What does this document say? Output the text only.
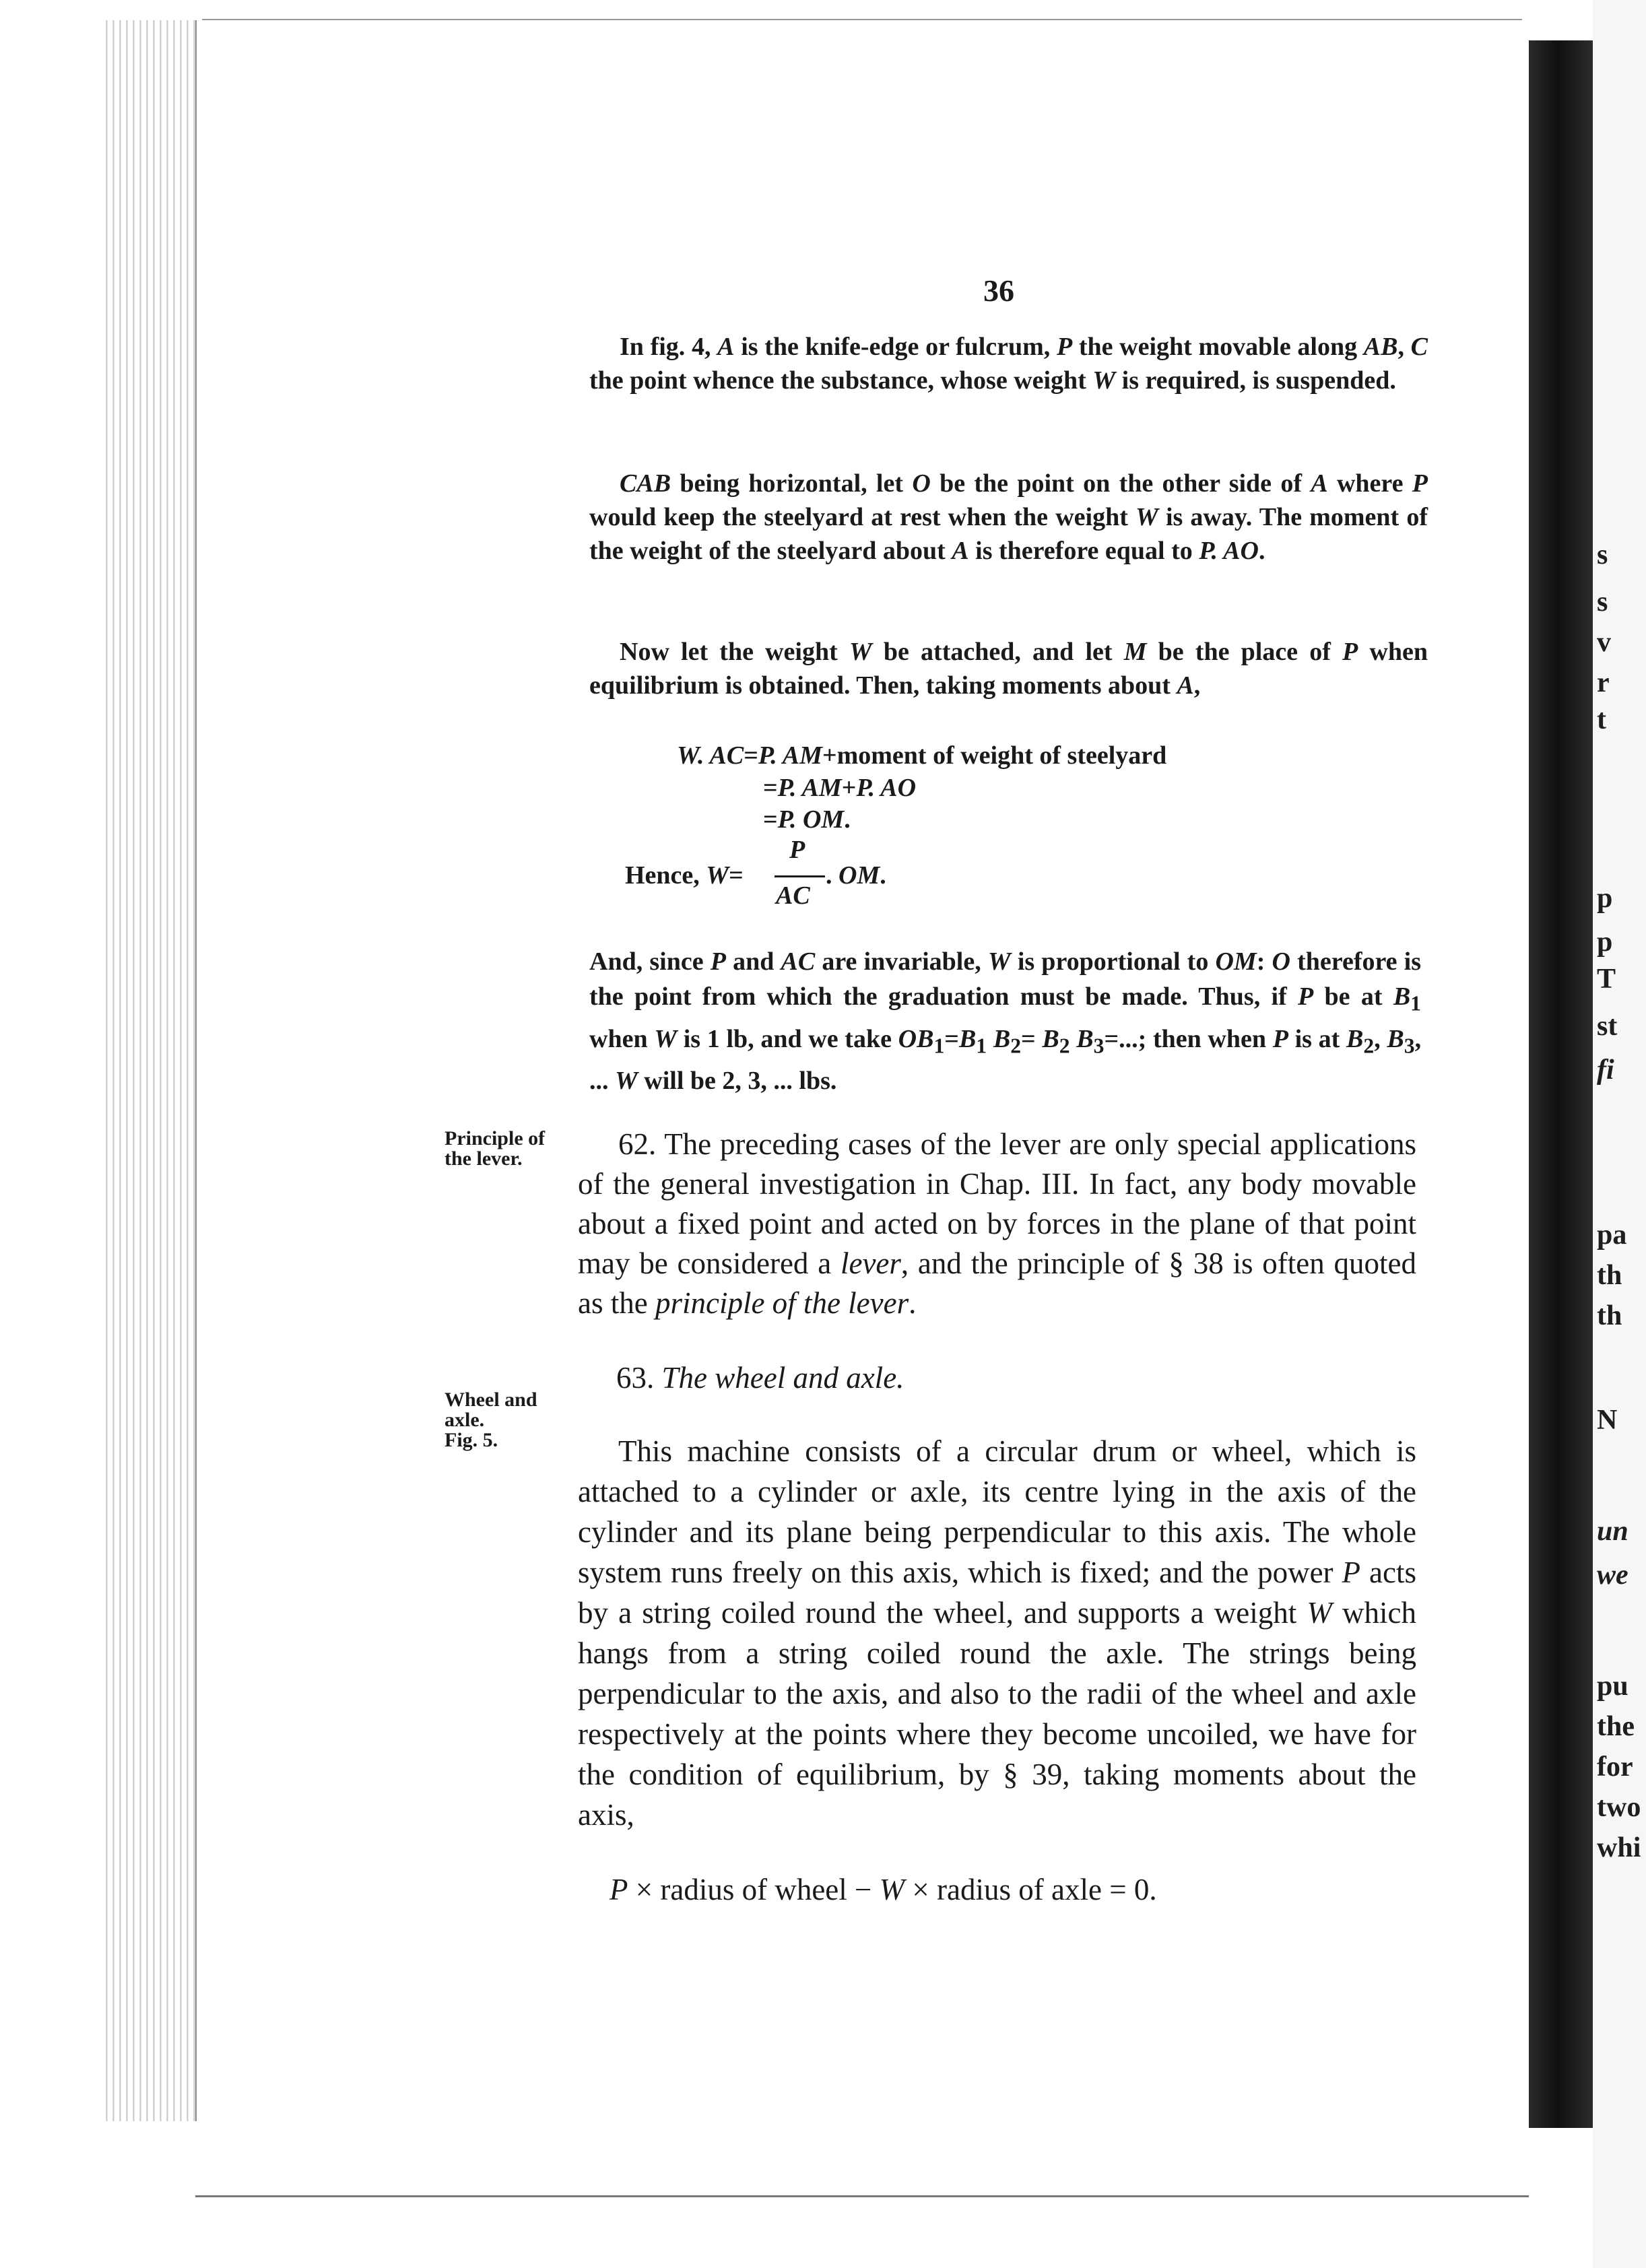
s
s
v
r
t
p
p
T
st
fi
pa
th
th
N
un
we
pu
the
for
two
whi
36

In fig. 4, A is the knife-edge or fulcrum, P the weight movable along AB, C the point whence the substance, whose weight W is required, is suspended.

CAB being horizontal, let O be the point on the other side of A where P would keep the steelyard at rest when the weight W is away. The moment of the weight of the steelyard about A is therefore equal to P. AO.

Now let the weight W be attached, and let M be the place of P when equilibrium is obtained. Then, taking moments about A,

W. AC=P. AM+moment of weight of steelyard
=P. AM+P. AO
=P. OM.
Hence, W=
P
AC
. OM.

And, since P and AC are invariable, W is proportional to OM: O therefore is the point from which the graduation must be made. Thus, if P be at $B_1$ when W is 1 lb, and we take $OB_1=B_1$ $B_2= B_2$ $B_3=$...; then when P is at $B_2$, $B_3$, ... W will be 2, 3, ... lbs.

Principle of
the lever.	62. The preceding cases of the lever are only special applications of the general investigation in Chap. III. In fact, any body movable about a fixed point and acted on by forces in the plane of that point may be considered a lever, and the principle of § 38 is often quoted as the principle of the lever.

Wheel and
axle.
Fig. 5.

63. The wheel and axle.

This machine consists of a circular drum or wheel, which is attached to a cylinder or axle, its centre lying in the axis of the cylinder and its plane being perpendicular to this axis. The whole system runs freely on this axis, which is fixed; and the power P acts by a string coiled round the wheel, and supports a weight W which hangs from a string coiled round the axle. The strings being perpendicular to the axis, and also to the radii of the wheel and axle respectively at the points where they become uncoiled, we have for the condition of equilibrium, by § 39, taking moments about the axis,

P × radius of wheel − W × radius of axle = 0.
